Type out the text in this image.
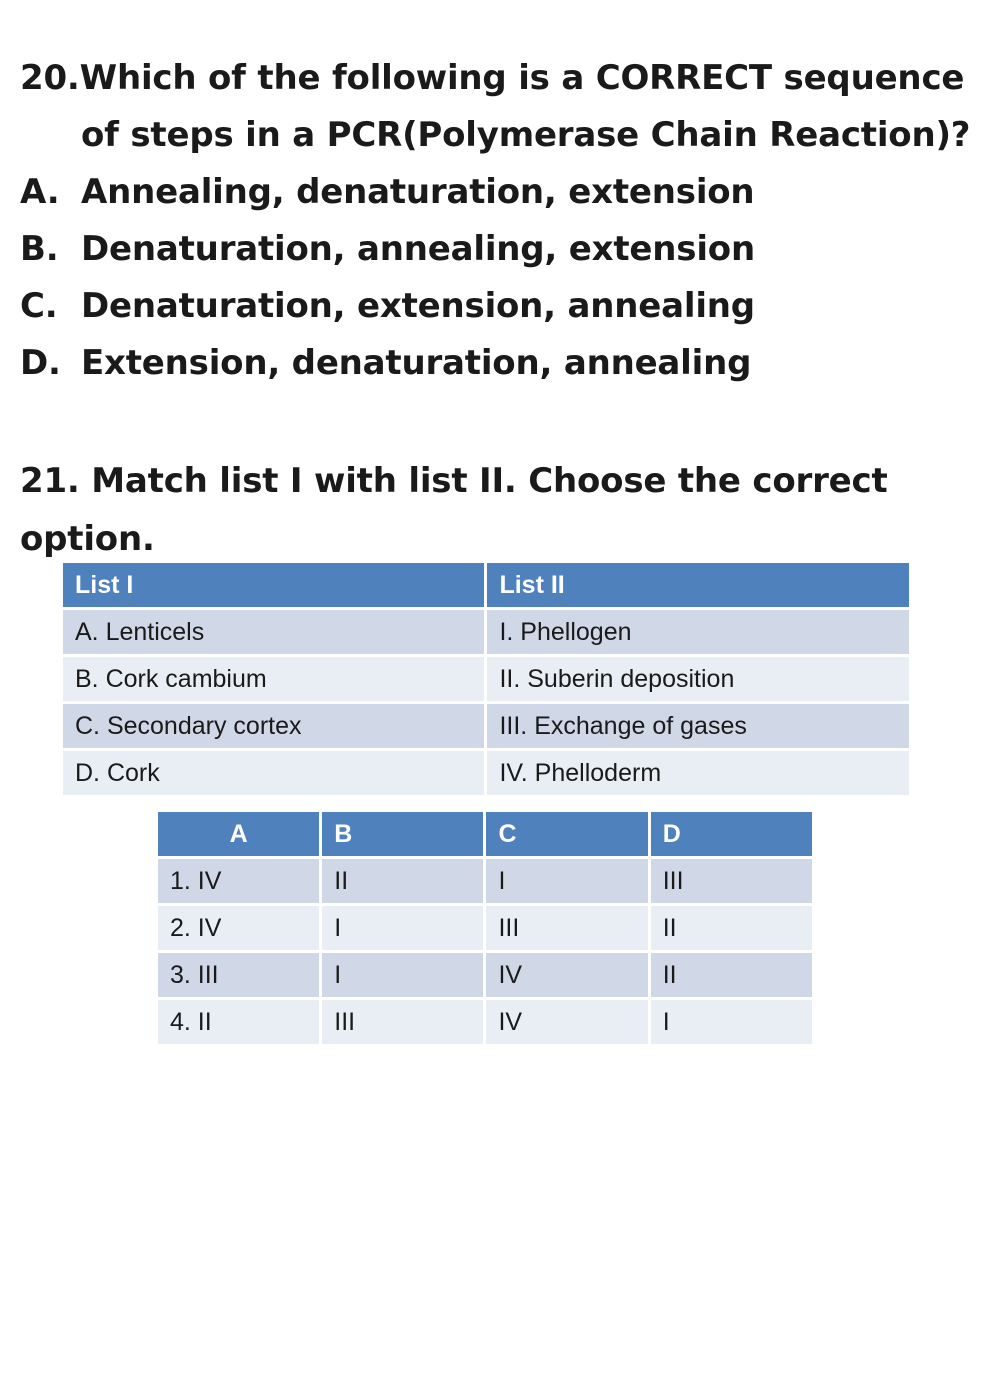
20.Which of the following is a CORRECT sequence
of steps in a PCR(Polymerase Chain Reaction)?
A. Annealing, denaturation, extension
B. Denaturation, annealing, extension
C. Denaturation, extension, annealing
D. Extension, denaturation, annealing
21. Match list I with list II. Choose the correct
option.
List I	List II
A. Lenticels	I. Phellogen
B. Cork cambium	II. Suberin deposition
C. Secondary cortex	III. Exchange of gases
D. Cork	IV. Phelloderm
A	B	C	D
1. IV	II	I	III
2. IV	I	III	II
3. III	I	IV	II
4. II	III	IV	I
